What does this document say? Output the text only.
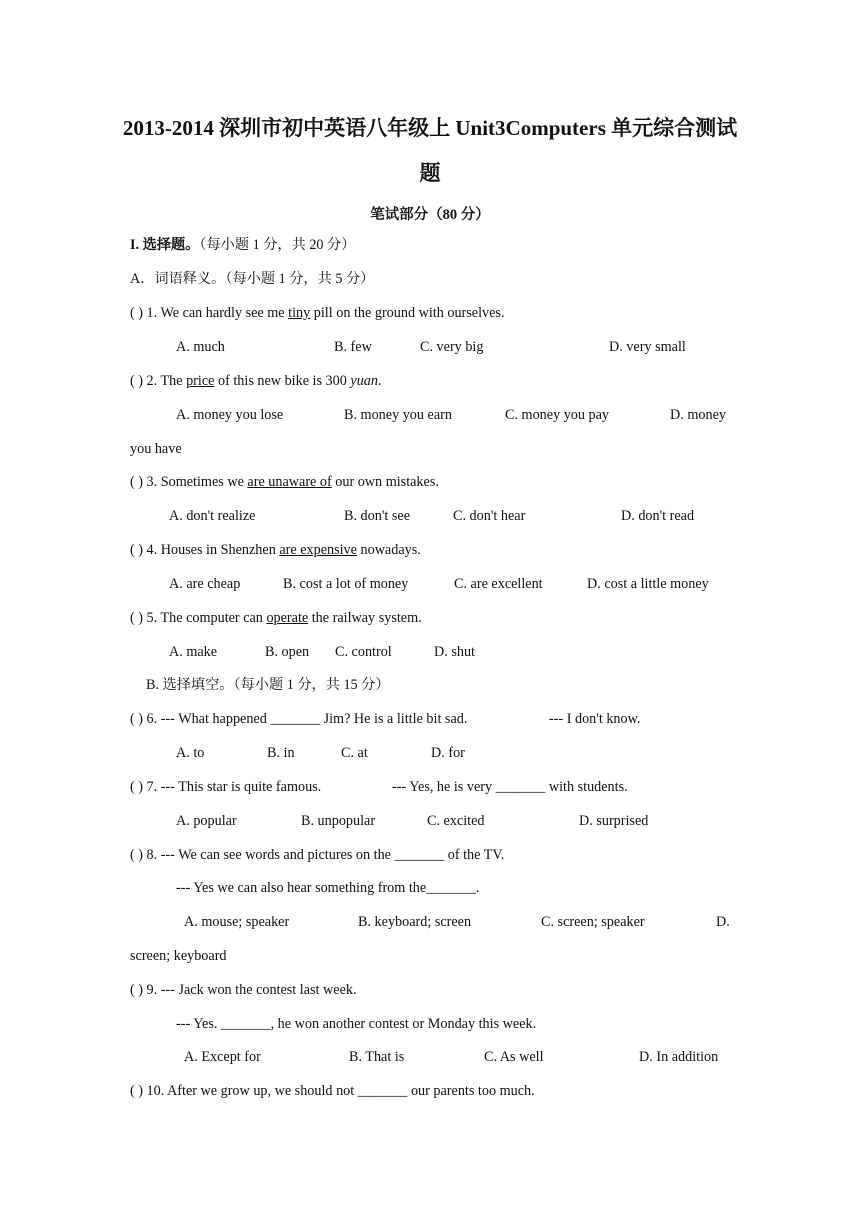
2013-2014 深圳市初中英语八年级上 Unit3Computers 单元综合测试
题
笔试部分（80 分）
I. 选择题。（每小题 1 分，共 20 分）
A．词语释义。（每小题 1 分，共 5 分）
( ) 1. We can hardly see me tiny pill on the ground with ourselves.
A. much	B. few	C. very big	D. very small
( ) 2. The price of this new bike is 300 yuan.
A. money you lose	B. money you earn	C. money you pay	D. money
you have
( ) 3. Sometimes we are unaware of our own mistakes.
A. don't realize	B. don't see	C. don't hear	D. don't read
( ) 4. Houses in Shenzhen are expensive nowadays.
A. are cheap	B. cost a lot of money	C. are excellent	D. cost a little money
( ) 5. The computer can operate the railway system.
A. make	B. open C. control	D. shut
B. 选择填空。（每小题 1 分，共 15 分）
( ) 6. --- What happened _______ Jim? He is a little bit sad.	--- I don't know.
A. to	B. in	C. at	D. for
( ) 7. --- This star is quite famous.	--- Yes, he is very _______ with students.
A. popular	B. unpopular	C. excited	D. surprised
( ) 8. --- We can see words and pictures on the _______ of the TV.
--- Yes we can also hear something from the_______.
A. mouse; speaker	B. keyboard; screen	C. screen; speaker	D.
screen; keyboard
( ) 9. --- Jack won the contest last week.
--- Yes. _______, he won another contest or Monday this week.
A. Except for	B. That is	C. As well	D. In addition
( ) 10. After we grow up, we should not _______ our parents too much.
